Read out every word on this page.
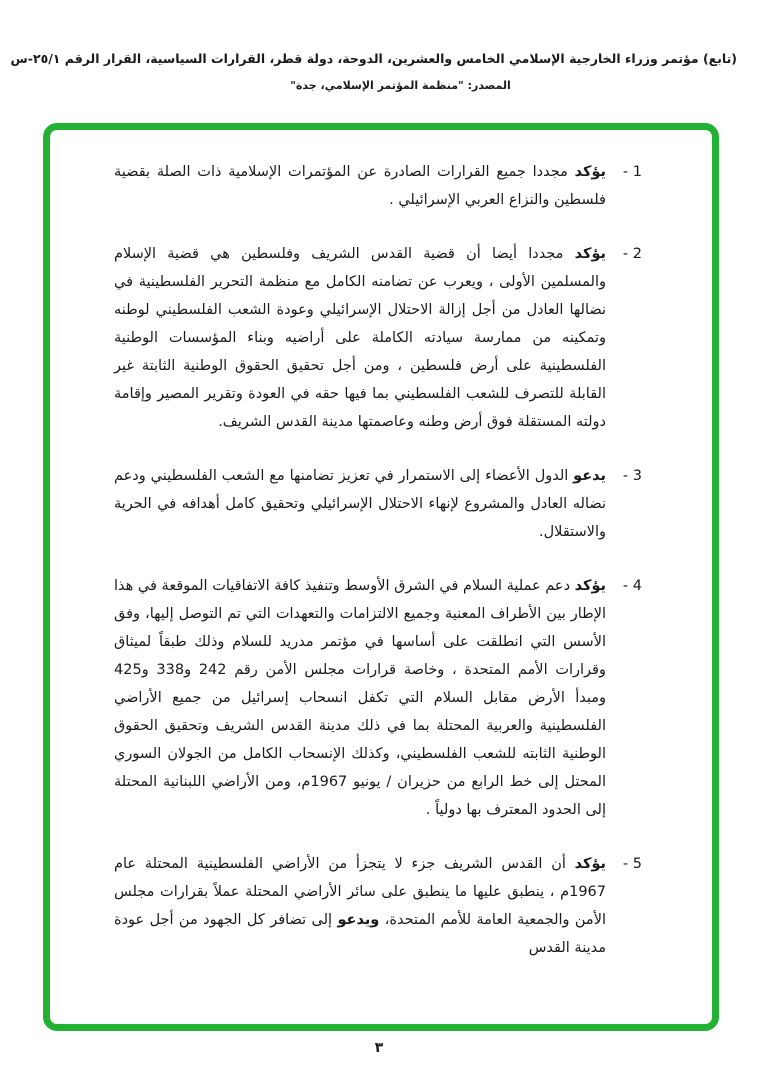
(تابع) مؤتمر وزراء الخارجية الإسلامي الخامس والعشرين، الدوحة، دولة قطر، القرارات السياسية، القرار الرقم ٢٥/١-س
المصدر: "منظمة المؤتمر الإسلامي، جدة"
1 -
يؤكد مجددا جميع القرارات الصادرة عن المؤتمرات الإسلامية ذات الصلة بقضية فلسطين والنزاع العربي الإسرائيلي .
2 -
يؤكد مجددا أيضا أن قضية القدس الشريف وفلسطين هي قضية الإسلام والمسلمين الأولى ، ويعرب عن تضامنه الكامل مع منظمة التحرير الفلسطينية في نضالها العادل من أجل إزالة الاحتلال الإسرائيلي وعودة الشعب الفلسطيني لوطنه وتمكينه من ممارسة سيادته الكاملة على أراضيه وبناء المؤسسات الوطنية الفلسطينية على أرض فلسطين ، ومن أجل تحقيق الحقوق الوطنية الثابتة غير القابلة للتصرف للشعب الفلسطيني بما فيها حقه في العودة وتقرير المصير وإقامة دولته المستقلة فوق أرض وطنه وعاصمتها مدينة القدس الشريف.
3 -
يدعو الدول الأعضاء إلى الاستمرار في تعزيز تضامنها مع الشعب الفلسطيني ودعم نضاله العادل والمشروع لإنهاء الاحتلال الإسرائيلي وتحقيق كامل أهدافه في الحرية والاستقلال.
4 -
يؤكد دعم عملية السلام في الشرق الأوسط وتنفيذ كافة الاتفاقيات الموقعة في هذا الإطار بين الأطراف المعنية وجميع الالتزامات والتعهدات التي تم التوصل إليها، وفق الأسس التي انطلقت على أساسها في مؤتمر مدريد للسلام وذلك طبقاً لميثاق وقرارات الأمم المتحدة ، وخاصة قرارات مجلس الأمن رقم 242 و338 و425 ومبدأ الأرض مقابل السلام التي تكفل انسحاب إسرائيل من جميع الأراضي الفلسطينية والعربية المحتلة بما في ذلك مدينة القدس الشريف وتحقيق الحقوق الوطنية الثابته للشعب الفلسطيني، وكذلك الإنسحاب الكامل من الجولان السوري المحتل إلى خط الرابع من حزيران / يونيو 1967م، ومن الأراضي اللبنانية المحتلة إلى الحدود المعترف بها دولياً .
5 -
يؤكد أن القدس الشريف جزء لا يتجزأ من الأراضي الفلسطينية المحتلة عام 1967م ، ينطبق عليها ما ينطبق على سائر الأراضي المحتلة عملاً بقرارات مجلس الأمن والجمعية العامة للأمم المتحدة، ويدعو إلى تضافر كل الجهود من أجل عودة مدينة القدس
٣
